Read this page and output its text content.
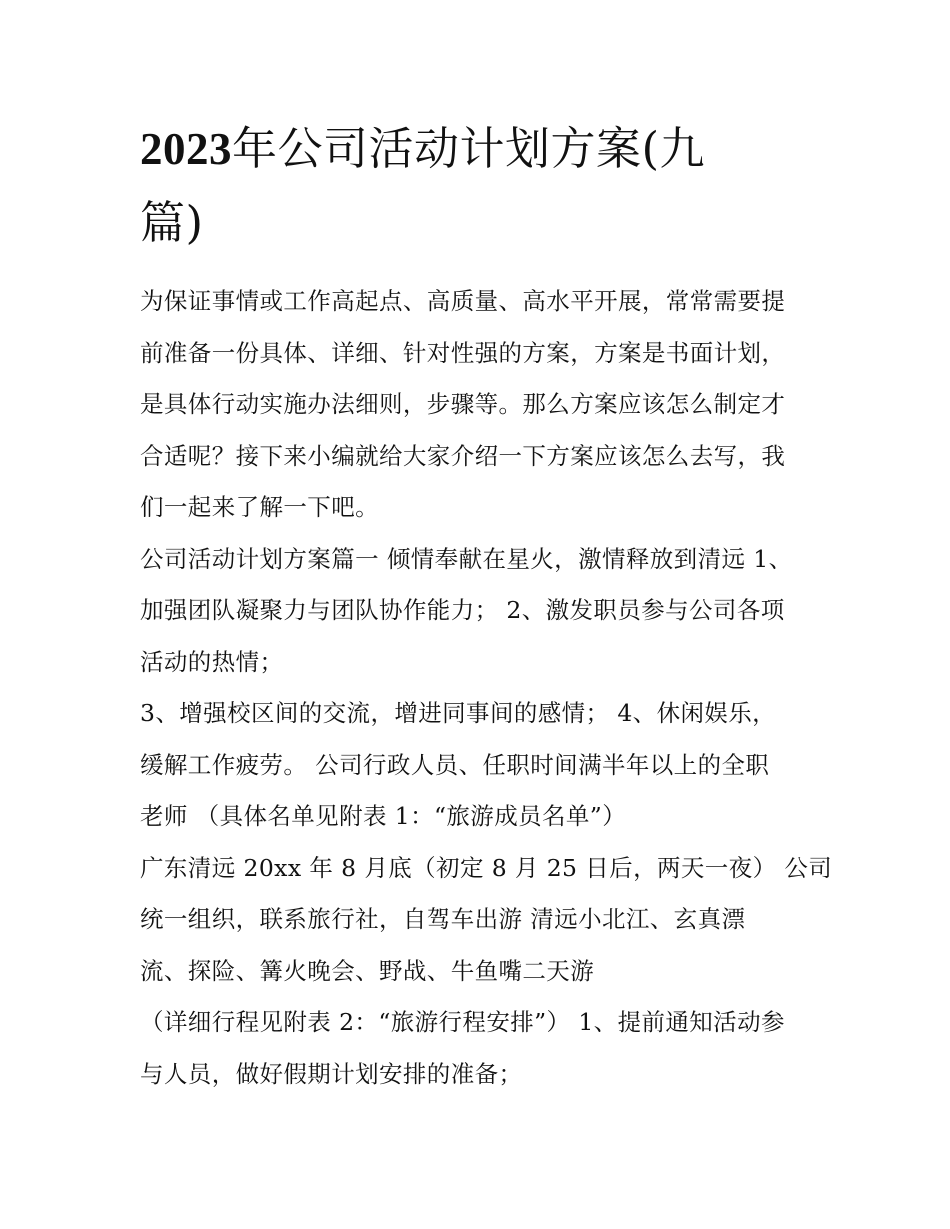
2023年公司活动计划方案(九
篇)
为保证事情或工作高起点、高质量、高水平开展，常常需要提
前准备一份具体、详细、针对性强的方案，方案是书面计划，
是具体行动实施办法细则，步骤等。那么方案应该怎么制定才
合适呢？接下来小编就给大家介绍一下方案应该怎么去写，我
们一起来了解一下吧。
公司活动计划方案篇一 倾情奉献在星火，激情释放到清远 1、
加强团队凝聚力与团队协作能力； 2、激发职员参与公司各项
活动的热情；
3、增强校区间的交流，增进同事间的感情； 4、休闲娱乐，
缓解工作疲劳。 公司行政人员、任职时间满半年以上的全职
老师 （具体名单见附表 1：“旅游成员名单”）
广东清远 20xx 年 8 月底（初定 8 月 25 日后，两天一夜） 公司
统一组织，联系旅行社，自驾车出游 清远小北江、玄真漂
流、探险、篝火晚会、野战、牛鱼嘴二天游
（详细行程见附表 2：“旅游行程安排”） 1、提前通知活动参
与人员，做好假期计划安排的准备；
